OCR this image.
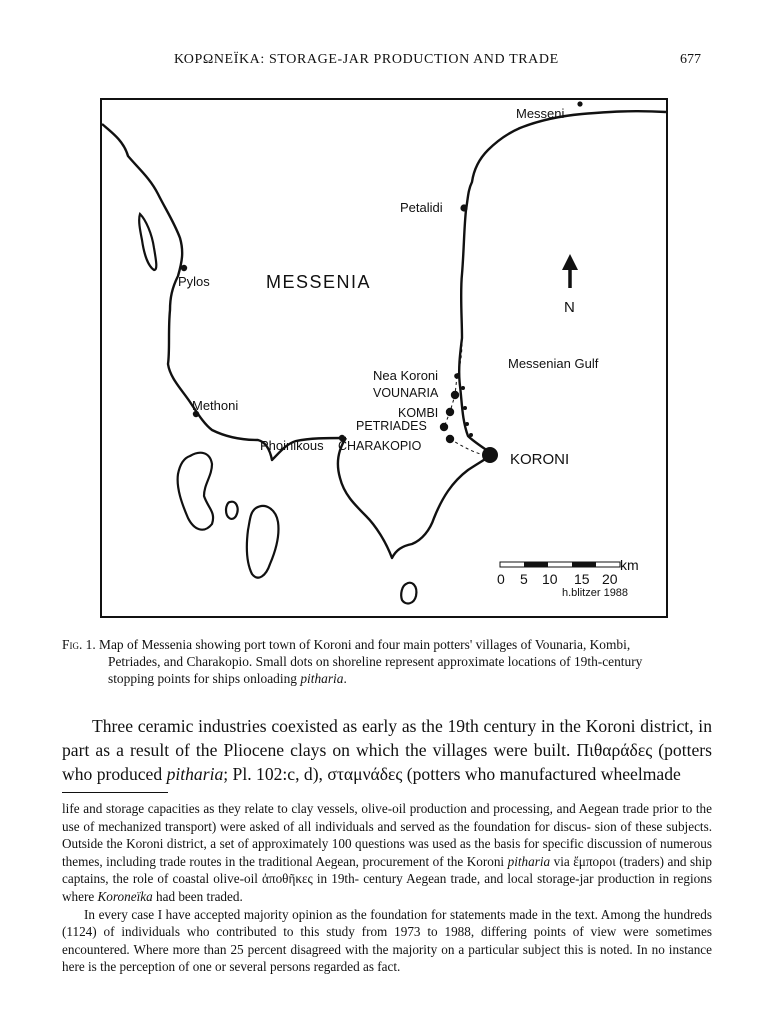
ΚΟΡΩΝΕΪΚΑ: STORAGE-JAR PRODUCTION AND TRADE	677
Messeni
Petalidi
Pylos	MESSENIA
Methoni
Phoinikous
Nea Koroni
VOUNARIA
KOMBI
PETRIADES
CHARAKOPIO
KORONI
Messenian Gulf
N
km
0 5 10 15 20
h.blitzer 1988
Fig. 1. Map of Messenia showing port town of Koroni and four main potters' villages of Vounaria, Kombi,
Petriades, and Charakopio. Small dots on shoreline represent approximate locations of 19th-century
stopping points for ships onloading pitharia.

Three ceramic industries coexisted as early as the 19th century in the Koroni district, in part as a result of the Pliocene clays on which the villages were built. Πιθαράδες (potters who produced pitharia; Pl. 102:c, d), σταμνάδες (potters who manufactured wheelmade

life and storage capacities as they relate to clay vessels, olive-oil production and processing, and Aegean trade prior to the use of mechanized transport) were asked of all individuals and served as the foundation for discus- sion of these subjects. Outside the Koroni district, a set of approximately 100 questions was used as the basis for specific discussion of numerous themes, including trade routes in the traditional Aegean, procurement of the Koroni pitharia via ἔμποροι (traders) and ship captains, the role of coastal olive-oil ἀποθῆκες in 19th- century Aegean trade, and local storage-jar production in regions where Koroneïka had been traded.

In every case I have accepted majority opinion as the foundation for statements made in the text. Among the hundreds (1124) of individuals who contributed to this study from 1973 to 1988, differing points of view were sometimes encountered. Where more than 25 percent disagreed with the majority on a particular subject this is noted. In no instance here is the perception of one or several persons regarded as fact.
